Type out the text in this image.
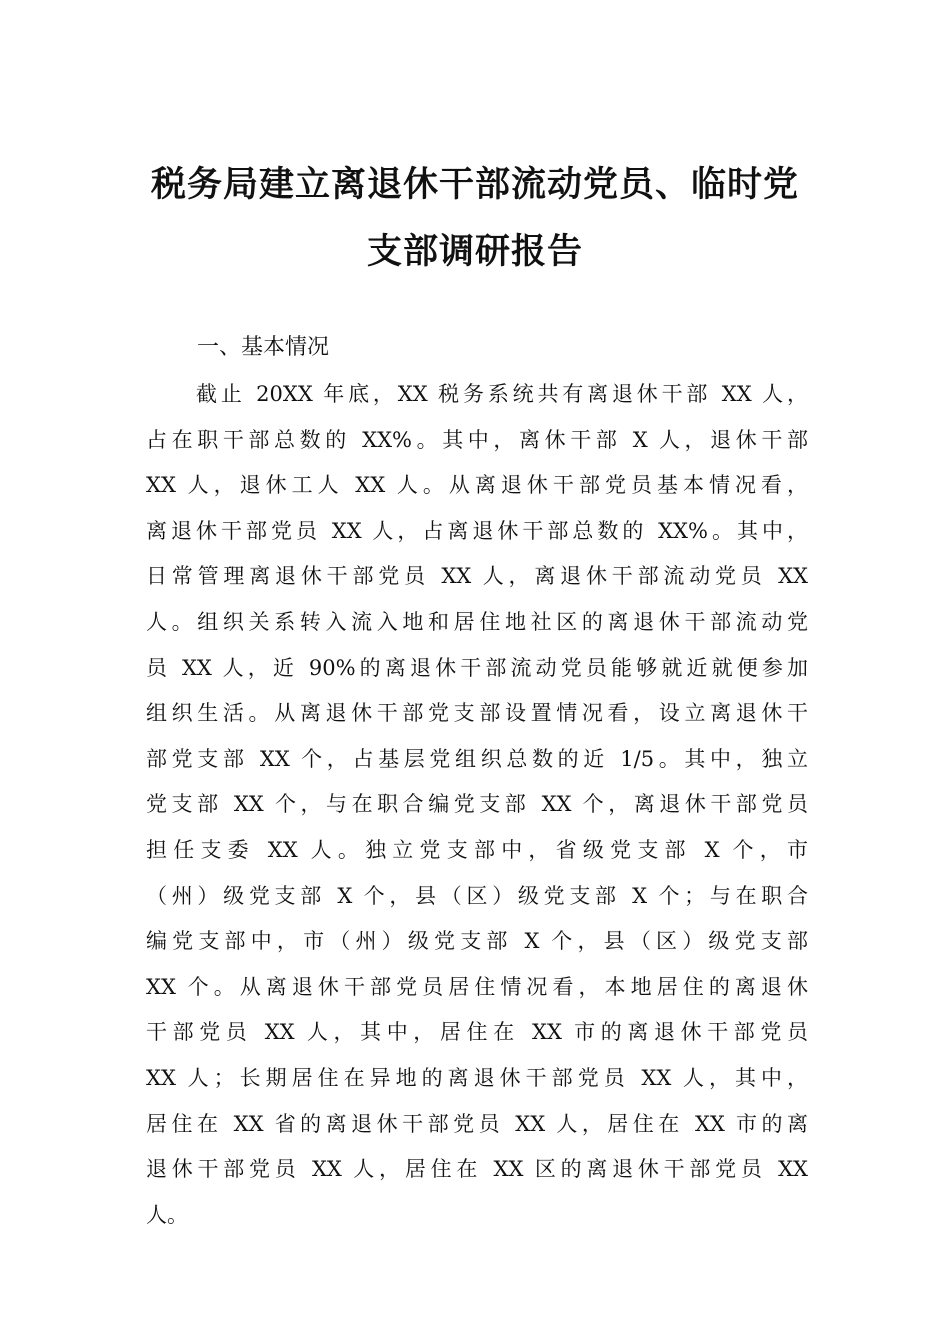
税务局建立离退休干部流动党员、临时党
支部调研报告
一、基本情况
截止 20XX 年底，XX 税务系统共有离退休干部 XX 人，
占在职干部总数的 XX%。其中，离休干部 X 人，退休干部
XX 人，退休工人 XX 人。从离退休干部党员基本情况看，
离退休干部党员 XX 人，占离退休干部总数的 XX%。其中，
日常管理离退休干部党员 XX 人，离退休干部流动党员 XX
人。组织关系转入流入地和居住地社区的离退休干部流动党
员 XX 人，近 90%的离退休干部流动党员能够就近就便参加
组织生活。从离退休干部党支部设置情况看，设立离退休干
部党支部 XX 个，占基层党组织总数的近 1/5。其中，独立
党支部 XX 个，与在职合编党支部 XX 个，离退休干部党员
担任支委 XX 人。独立党支部中，省级党支部 X 个，市
（州）级党支部 X 个，县（区）级党支部 X 个；与在职合
编党支部中，市（州）级党支部 X 个，县（区）级党支部
XX 个。从离退休干部党员居住情况看，本地居住的离退休
干部党员 XX 人，其中，居住在 XX 市的离退休干部党员
XX 人；长期居住在异地的离退休干部党员 XX 人，其中，
居住在 XX 省的离退休干部党员 XX 人，居住在 XX 市的离
退休干部党员 XX 人，居住在 XX 区的离退休干部党员 XX
人。
